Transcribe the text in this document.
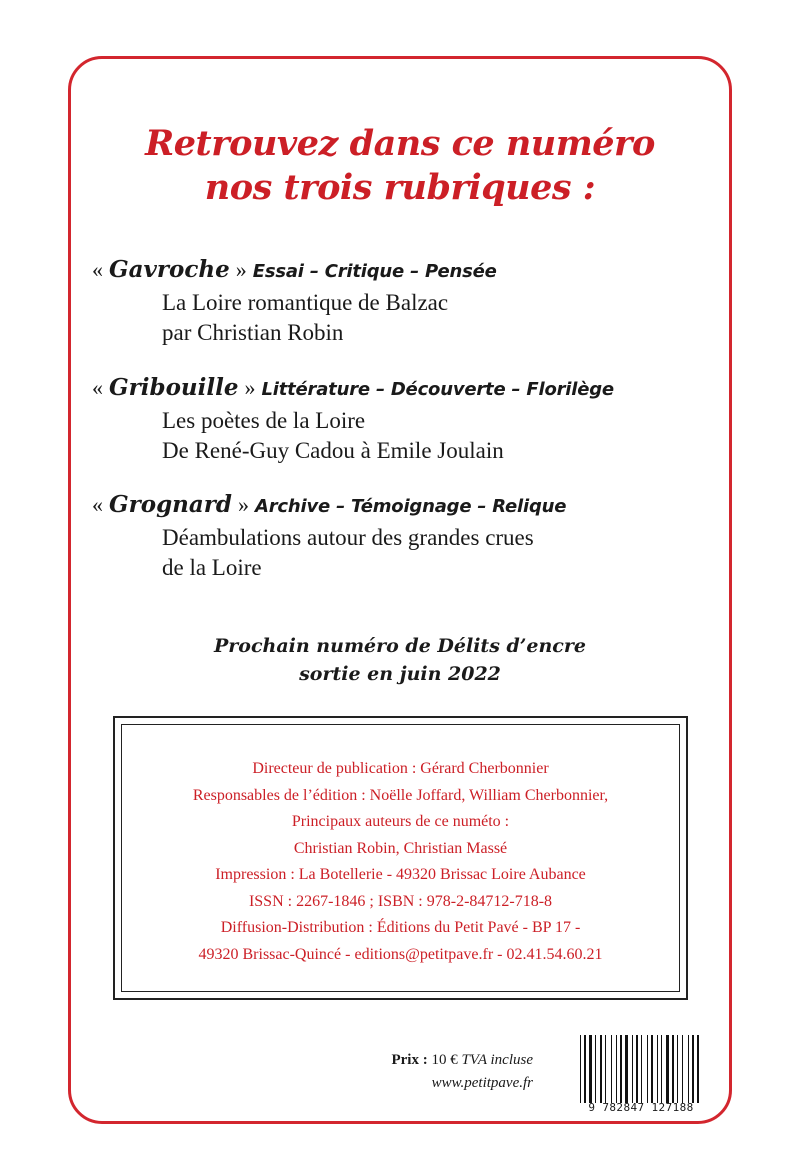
Retrouvez dans ce numéro
nos trois rubriques :
« Gavroche » Essai – Critique – Pensée
La Loire romantique de Balzac
par Christian Robin
« Gribouille » Littérature – Découverte – Florilège
Les poètes de la Loire
De René-Guy Cadou à Emile Joulain
« Grognard » Archive – Témoignage – Relique
Déambulations autour des grandes crues
de la Loire
Prochain numéro de Délits d’encre
sortie en juin 2022
Directeur de publication : Gérard Cherbonnier
Responsables de l’édition : Noëlle Joffard, William Cherbonnier,
Principaux auteurs de ce numéto :
Christian Robin, Christian Massé
Impression : La Botellerie - 49320 Brissac Loire Aubance
ISSN : 2267-1846 ; ISBN : 978-2-84712-718-8
Diffusion-Distribution : Éditions du Petit Pavé - BP 17 -
49320 Brissac-Quincé - editions@petitpave.fr - 02.41.54.60.21
Prix : 10 € TVA incluse
www.petitpave.fr
9 782847 127188
